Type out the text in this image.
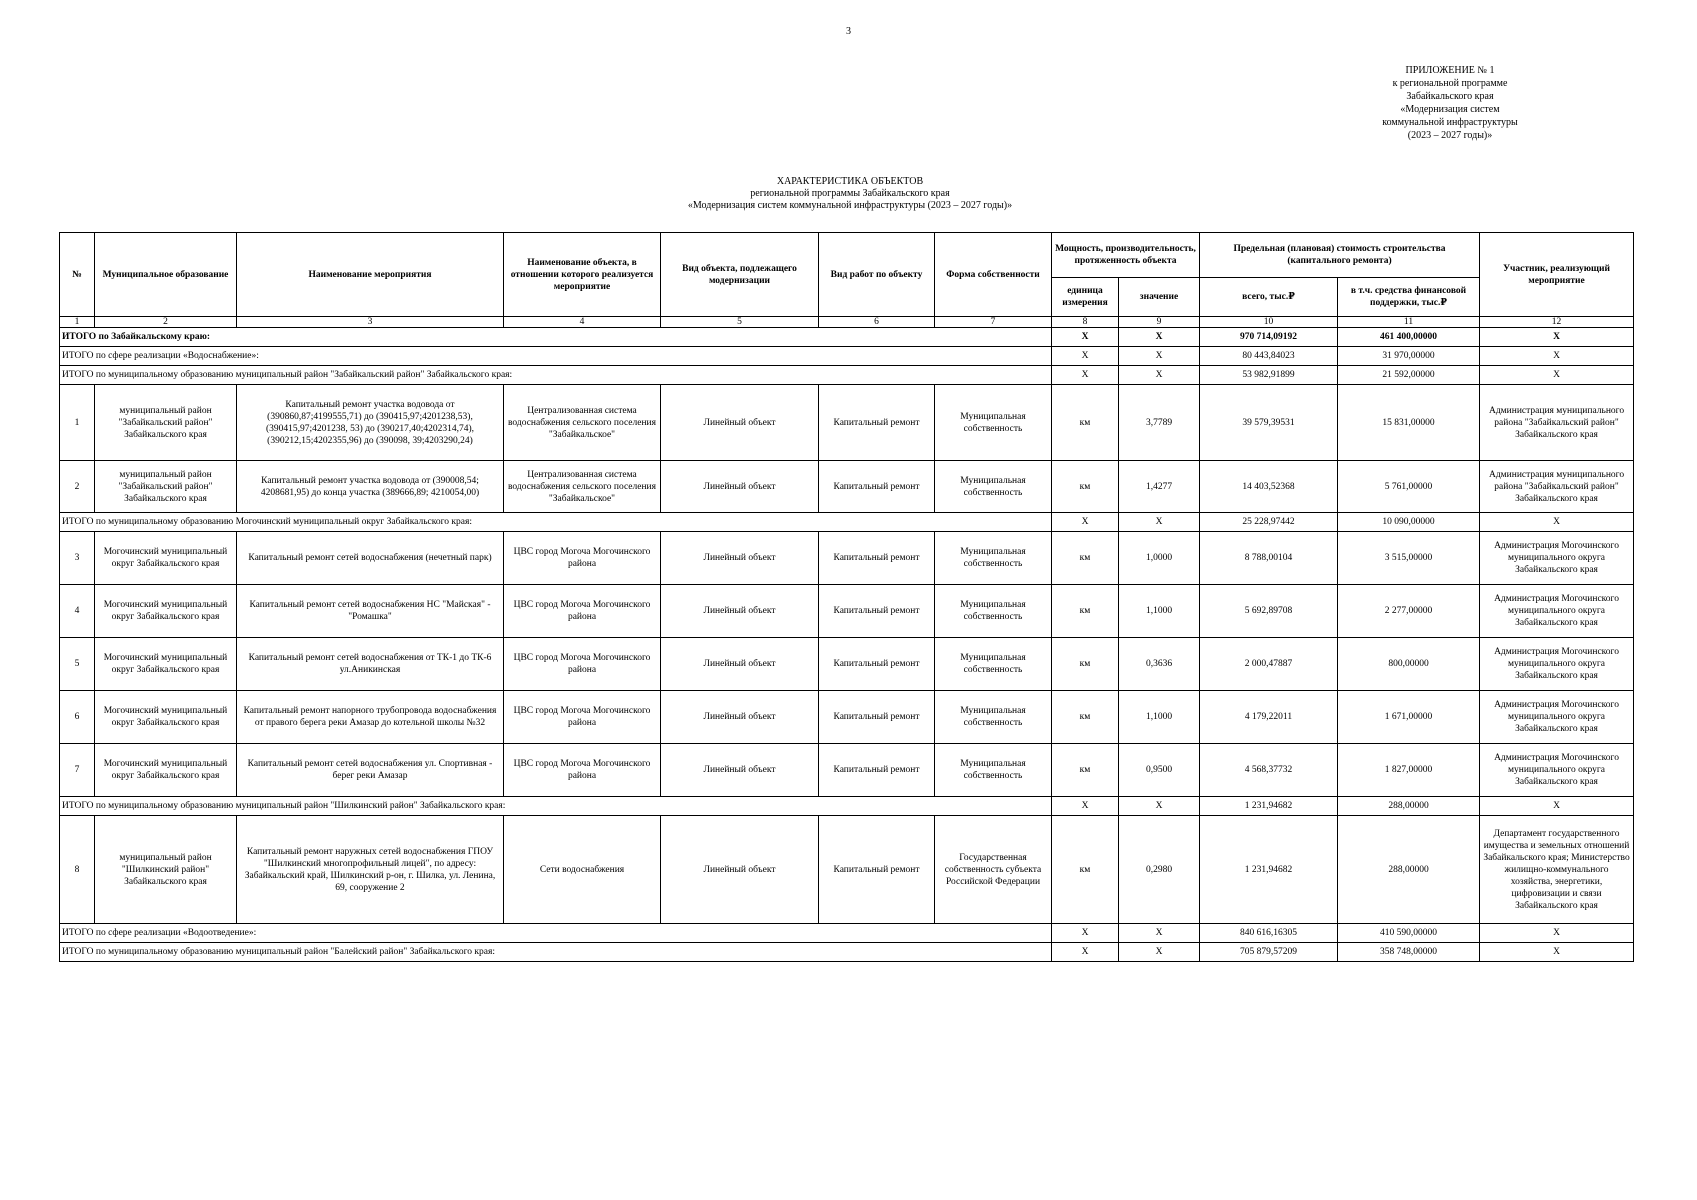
3
ПРИЛОЖЕНИЕ № 1
к региональной программе
Забайкальского края
«Модернизация систем
коммунальной инфраструктуры
(2023 – 2027 годы)»
ХАРАКТЕРИСТИКА ОБЪЕКТОВ
региональной программы Забайкальского края
«Модернизация систем коммунальной инфраструктуры (2023 – 2027 годы)»
№	Муниципальное образование	Наименование мероприятия	Наименование объекта, в отношении которого реализуется мероприятие	Вид объекта, подлежащего модернизации	Вид работ по объекту	Форма собственности	Мощность, производительность, протяженность объекта		Предельная (плановая) стоимость строительства (капитального ремонта)		Участник, реализующий мероприятие
							единица измерения	значение	всего, тыс.₽	в т.ч. средства финансовой поддержки, тыс.₽	
1	2	3	4	5	6	7	8	9	10	11	12
ИТОГО по Забайкальскому краю:							X	X	970 714,09192	461 400,00000	X
ИТОГО по сфере реализации «Водоснабжение»:							X	X	80 443,84023	31 970,00000	X
ИТОГО по муниципальному образованию муниципальный район "Забайкальский район" Забайкальского края:							X	X	53 982,91899	21 592,00000	X
1	муниципальный район "Забайкальский район" Забайкальского края	Капитальный ремонт участка водовода от (390860,87;4199555,71) до (390415,97;4201238,53), (390415,97;4201238, 53) до (390217,40;4202314,74), (390212,15;4202355,96) до (390098, 39;4203290,24)	Централизованная система водоснабжения сельского поселения "Забайкальское"	Линейный объект	Капитальный ремонт	Муниципальная собственность	км	3,7789	39 579,39531	15 831,00000	Администрация муниципального района "Забайкальский район" Забайкальского края
2	муниципальный район "Забайкальский район" Забайкальского края	Капитальный ремонт участка водовода от (390008,54; 4208681,95) до конца участка (389666,89; 4210054,00)	Централизованная система водоснабжения сельского поселения "Забайкальское"	Линейный объект	Капитальный ремонт	Муниципальная собственность	км	1,4277	14 403,52368	5 761,00000	Администрация муниципального района "Забайкальский район" Забайкальского края
ИТОГО по муниципальному образованию Могочинский муниципальный округ Забайкальского края:							X	X	25 228,97442	10 090,00000	X
3	Могочинский муниципальный округ Забайкальского края	Капитальный ремонт сетей водоснабжения (нечетный парк)	ЦВС город Могоча Могочинского района	Линейный объект	Капитальный ремонт	Муниципальная собственность	км	1,0000	8 788,00104	3 515,00000	Администрация Могочинского муниципального округа Забайкальского края
4	Могочинский муниципальный округ Забайкальского края	Капитальный ремонт сетей водоснабжения НС "Майская" - "Ромашка"	ЦВС город Могоча Могочинского района	Линейный объект	Капитальный ремонт	Муниципальная собственность	км	1,1000	5 692,89708	2 277,00000	Администрация Могочинского муниципального округа Забайкальского края
5	Могочинский муниципальный округ Забайкальского края	Капитальный ремонт сетей водоснабжения от ТК-1 до ТК-6 ул.Аникинская	ЦВС город Могоча Могочинского района	Линейный объект	Капитальный ремонт	Муниципальная собственность	км	0,3636	2 000,47887	800,00000	Администрация Могочинского муниципального округа Забайкальского края
6	Могочинский муниципальный округ Забайкальского края	Капитальный ремонт напорного трубопровода водоснабжения от правого берега реки Амазар до котельной школы №32	ЦВС город Могоча Могочинского района	Линейный объект	Капитальный ремонт	Муниципальная собственность	км	1,1000	4 179,22011	1 671,00000	Администрация Могочинского муниципального округа Забайкальского края
7	Могочинский муниципальный округ Забайкальского края	Капитальный ремонт сетей водоснабжения ул. Спортивная - берег реки Амазар	ЦВС город Могоча Могочинского района	Линейный объект	Капитальный ремонт	Муниципальная собственность	км	0,9500	4 568,37732	1 827,00000	Администрация Могочинского муниципального округа Забайкальского края
ИТОГО по муниципальному образованию муниципальный район "Шилкинский район" Забайкальского края:							X	X	1 231,94682	288,00000	X
8	муниципальный район "Шилкинский район" Забайкальского края	Капитальный ремонт наружных сетей водоснабжения ГПОУ "Шилкинский многопрофильный лицей", по адресу: Забайкальский край, Шилкинский р-он, г. Шилка, ул. Ленина, 69, сооружение 2	Сети водоснабжения	Линейный объект	Капитальный ремонт	Государственная собственность субъекта Российской Федерации	км	0,2980	1 231,94682	288,00000	Департамент государственного имущества и земельных отношений Забайкальского края; Министерство жилищно-коммунального хозяйства, энергетики, цифровизации и связи Забайкальского края
ИТОГО по сфере реализации «Водоотведение»:							X	X	840 616,16305	410 590,00000	X
ИТОГО по муниципальному образованию муниципальный район "Балейский район" Забайкальского края:							X	X	705 879,57209	358 748,00000	X
